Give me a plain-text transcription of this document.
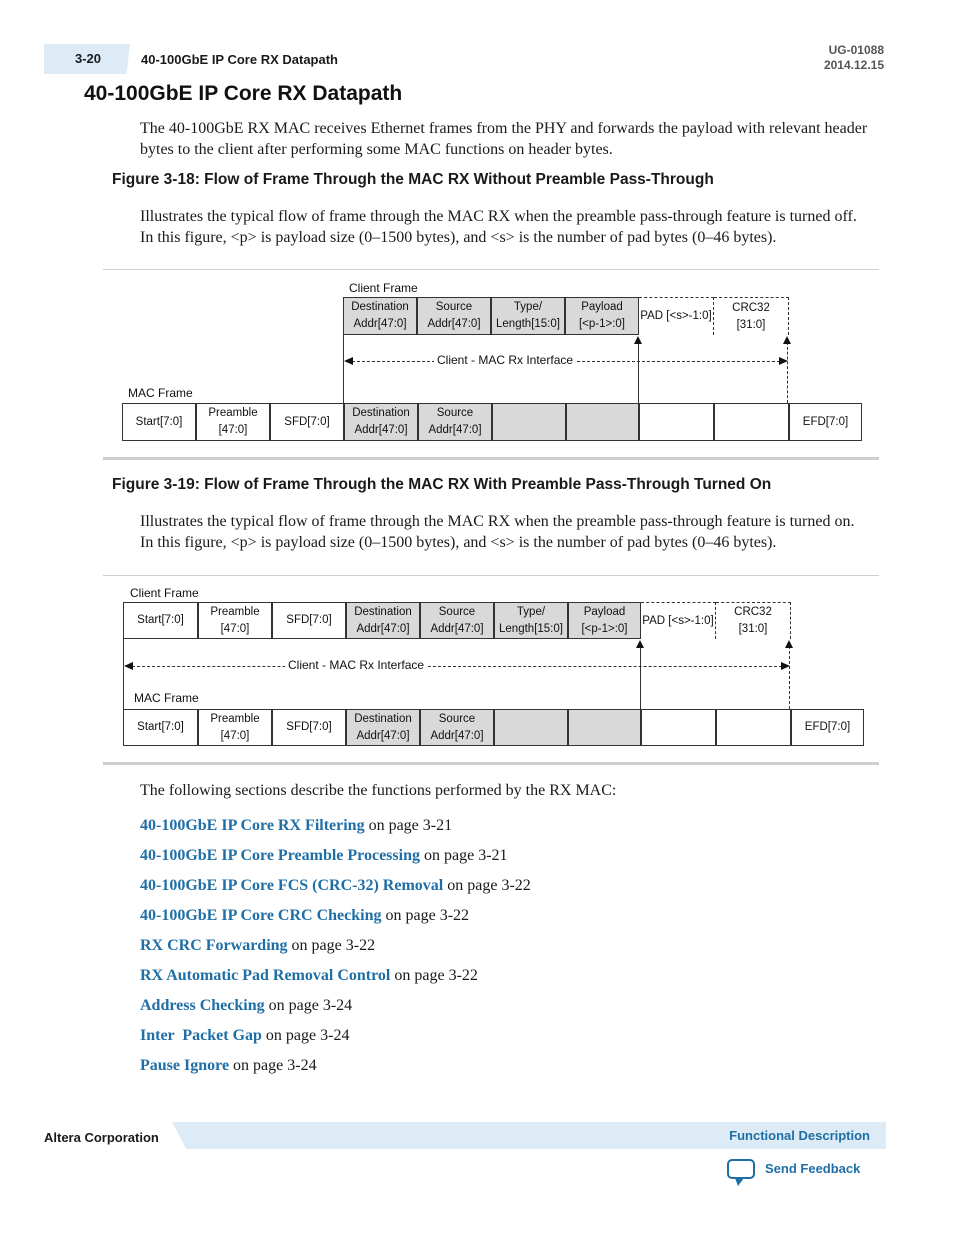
3-20	40-100GbE IP Core RX Datapath
UG-01088
2014.12.15
40-100GbE IP Core RX Datapath
The 40-100GbE RX MAC receives Ethernet frames from the PHY and forwards the payload with relevant header bytes to the client after performing some MAC functions on header bytes.
Figure 3-18: Flow of Frame Through the MAC RX Without Preamble Pass-Through
Illustrates the typical flow of frame through the MAC RX when the preamble pass-through feature is turned off. In this figure, <p> is payload size (0–1500 bytes), and <s> is the number of pad bytes (0–46 bytes).
Client Frame
MAC Frame
Client - MAC Rx Interface
Destination
Addr[47:0]
Source
Addr[47:0]
Type/
Length[15:0]
Payload
[<p-1>:0]
PAD [<s>-1:0]
CRC32
[31:0]
Start[7:0]
Preamble
[47:0]
SFD[7:0]
Destination
Addr[47:0]
Source
Addr[47:0]
EFD[7:0]
Figure 3-19: Flow of Frame Through the MAC RX With Preamble Pass-Through Turned On
Illustrates the typical flow of frame through the MAC RX when the preamble pass-through feature is turned on. In this figure, <p> is payload size (0–1500 bytes), and <s> is the number of pad bytes (0–46 bytes).
Client Frame
MAC Frame
Client - MAC Rx Interface
Start[7:0]
Preamble
[47:0]
SFD[7:0]
Destination
Addr[47:0]
Source
Addr[47:0]
Type/
Length[15:0]
Payload
[<p-1>:0]
PAD [<s>-1:0]
CRC32
[31:0]
Start[7:0]
Preamble
[47:0]
SFD[7:0]
Destination
Addr[47:0]
Source
Addr[47:0]
EFD[7:0]
The following sections describe the functions performed by the RX MAC:
40-100GbE IP Core RX Filtering on page 3-21
40-100GbE IP Core Preamble Processing on page 3-21
40-100GbE IP Core FCS (CRC-32) Removal on page 3-22
40-100GbE IP Core CRC Checking on page 3-22
RX CRC Forwarding on page 3-22
RX Automatic Pad Removal Control on page 3-22
Address Checking on page 3-24
Inter  Packet Gap on page 3-24
Pause Ignore on page 3-24
Altera Corporation	Functional Description
Send Feedback
